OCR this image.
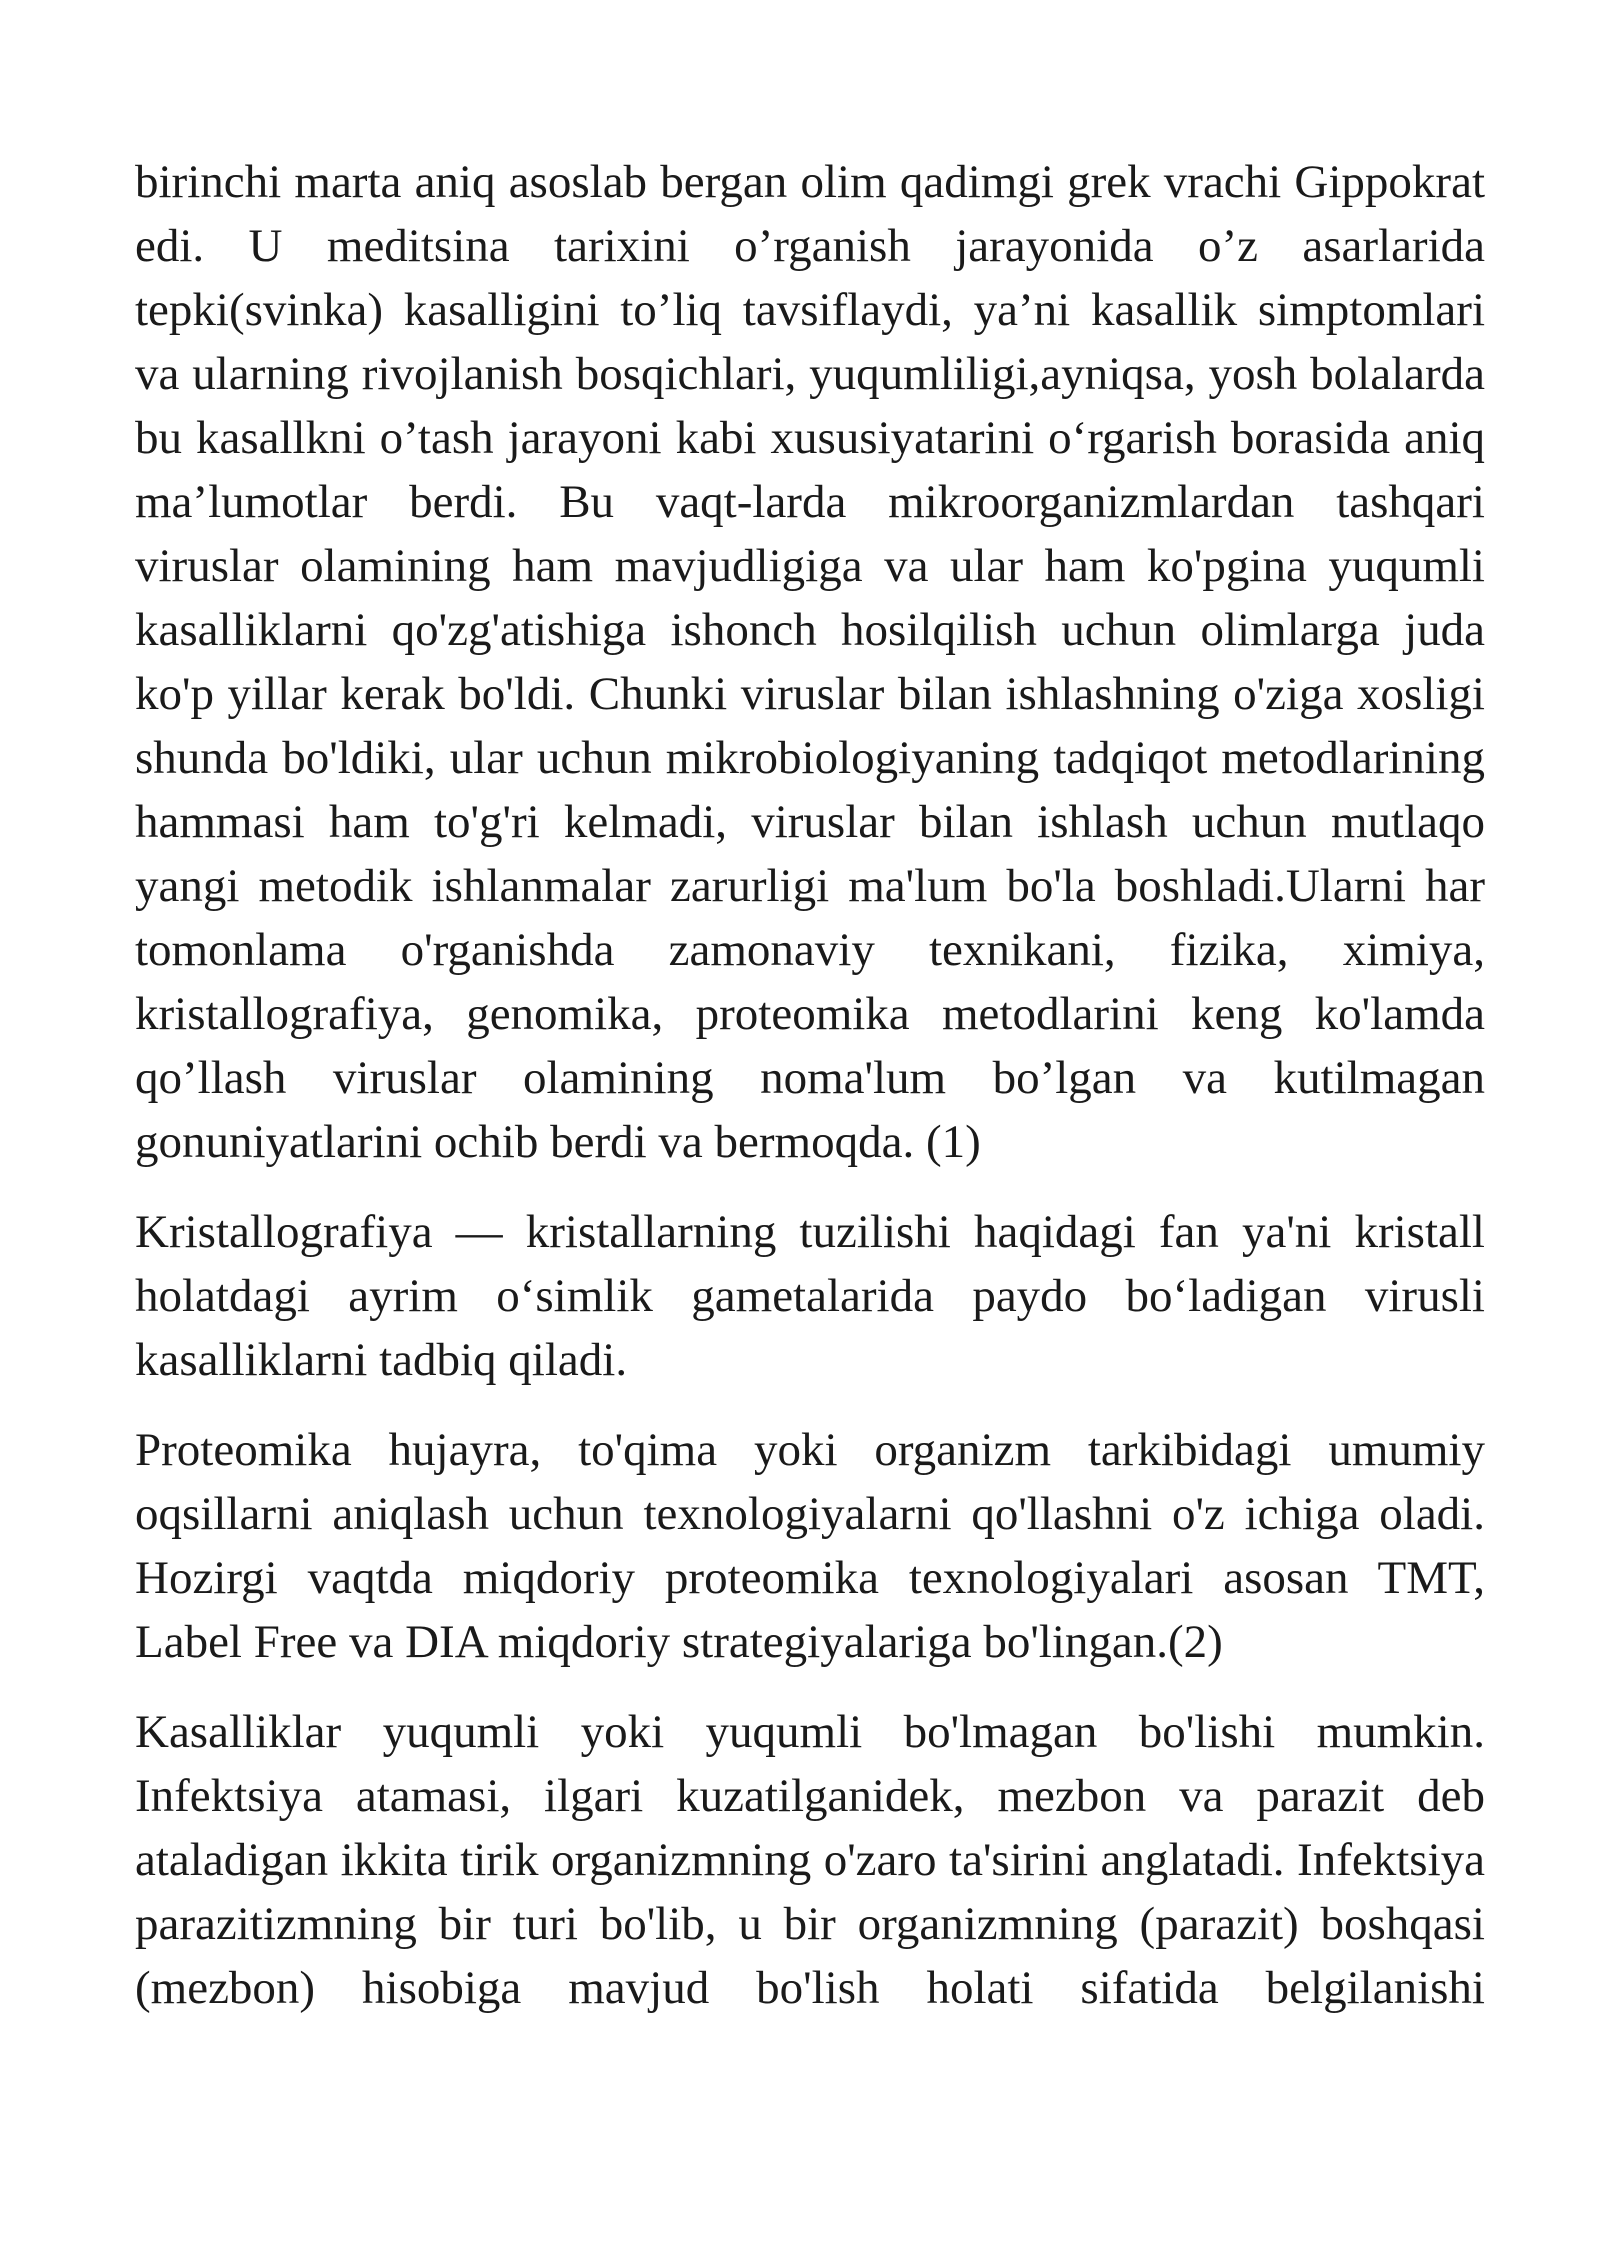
birinchi marta aniq asoslab bergan olim qadimgi grek vrachi Gippokrat edi. U meditsina tarixini o’rganish jarayonida o’z asarlarida tepki(svinka) kasalligini to’liq tavsiflaydi, ya’ni kasallik simptomlari va ularning rivojlanish bosqichlari, yuqumliligi,ayniqsa, yosh bolalarda bu kasallkni o’tash jarayoni kabi xususiyatarini o‘rgarish borasida aniq ma’lumotlar berdi. Bu vaqt-larda mikroorganizmlardan tashqari viruslar olamining ham mavjudligiga va ular ham ko'pgina yuqumli kasalliklarni qo'zg'atishiga ishonch hosilqilish uchun olimlarga juda ko'p yillar kerak bo'ldi. Chunki viruslar bilan ishlashning o'ziga xosligi shunda bo'ldiki, ular uchun mikrobiologiyaning tadqiqot metodlarining hammasi ham to'g'ri kelmadi, viruslar bilan ishlash uchun mutlaqo yangi metodik ishlanmalar zarurligi ma'lum bo'la boshladi.Ularni har tomonlama o'rganishda zamonaviy texnikani, fizika, ximiya, kristallografiya, genomika, proteomika metodlarini keng ko'lamda qo’llash viruslar olamining noma'lum bo’lgan va kutilmagan gonuniyatlarini ochib berdi va bermoqda. (1)

Kristallografiya — kristallarning tuzilishi haqidagi fan ya'ni kristall holatdagi ayrim o‘simlik gametalarida paydo bo‘ladigan virusli kasalliklarni tadbiq qiladi.

Proteomika hujayra, to'qima yoki organizm tarkibidagi umumiy oqsillarni aniqlash uchun texnologiyalarni qo'llashni o'z ichiga oladi. Hozirgi vaqtda miqdoriy proteomika texnologiyalari asosan TMT, Label Free va DIA miqdoriy strategiyalariga bo'lingan.(2)

Kasalliklar yuqumli yoki yuqumli bo'lmagan bo'lishi mumkin. Infektsiya atamasi, ilgari kuzatilganidek, mezbon va parazit deb ataladigan ikkita tirik organizmning o'zaro ta'sirini anglatadi. Infektsiya parazitizmning bir turi bo'lib, u bir organizmning (parazit) boshqasi (mezbon) hisobiga mavjud bo'lish holati sifatida belgilanishi
